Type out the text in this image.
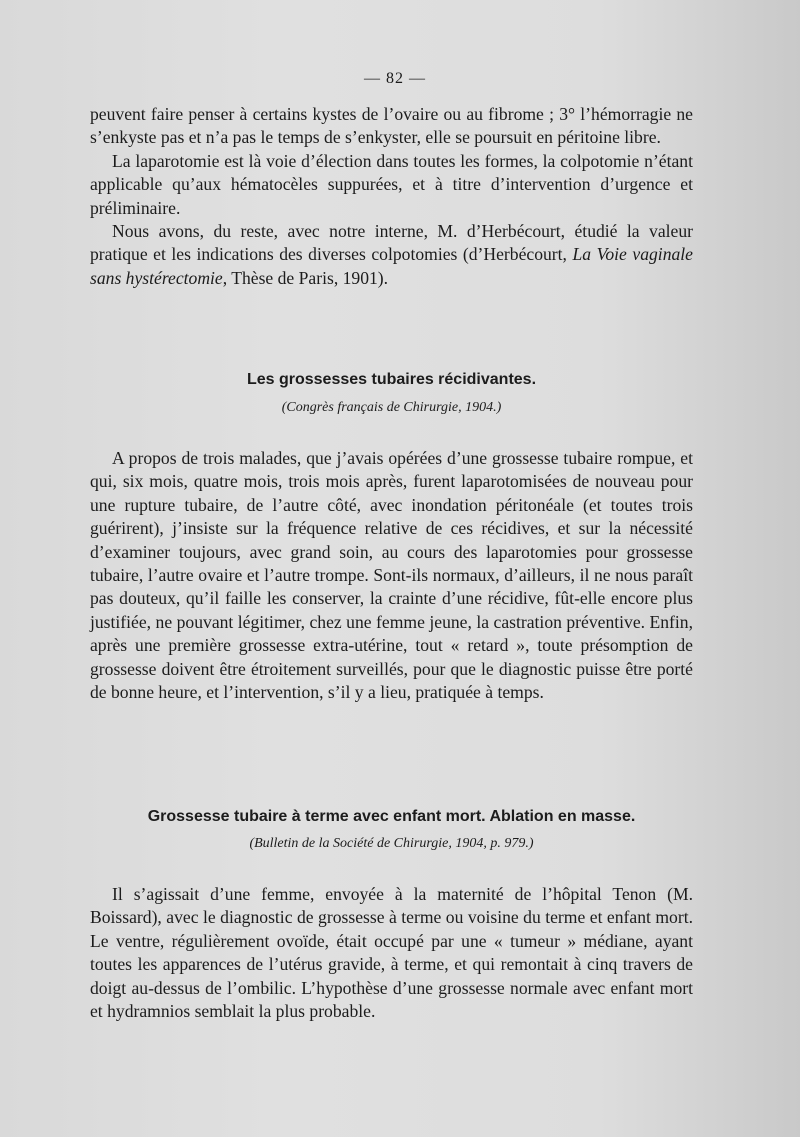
— 82 —

peuvent faire penser à certains kystes de l’ovaire ou au fibrome ; 3° l’hémorragie ne s’enkyste pas et n’a pas le temps de s’enkyster, elle se poursuit en péritoine libre.

La laparotomie est là voie d’élection dans toutes les formes, la colpotomie n’étant applicable qu’aux hématocèles suppurées, et à titre d’intervention d’urgence et préliminaire.

Nous avons, du reste, avec notre interne, M. d’Herbécourt, étudié la valeur pratique et les indications des diverses colpotomies (d’Herbécourt, La Voie vaginale sans hystérectomie, Thèse de Paris, 1901).

Les grossesses tubaires récidivantes.
(Congrès français de Chirurgie, 1904.)

A propos de trois malades, que j’avais opérées d’une grossesse tubaire rompue, et qui, six mois, quatre mois, trois mois après, furent laparotomisées de nouveau pour une rupture tubaire, de l’autre côté, avec inondation péritonéale (et toutes trois guérirent), j’insiste sur la fréquence relative de ces récidives, et sur la nécessité d’examiner toujours, avec grand soin, au cours des laparotomies pour grossesse tubaire, l’autre ovaire et l’autre trompe. Sont-ils normaux, d’ailleurs, il ne nous paraît pas douteux, qu’il faille les conserver, la crainte d’une récidive, fût-elle encore plus justifiée, ne pouvant légitimer, chez une femme jeune, la castration préventive. Enfin, après une première grossesse extra-utérine, tout « retard », toute présomption de grossesse doivent être étroitement surveillés, pour que le diagnostic puisse être porté de bonne heure, et l’intervention, s’il y a lieu, pratiquée à temps.

Grossesse tubaire à terme avec enfant mort. Ablation en masse.
(Bulletin de la Société de Chirurgie, 1904, p. 979.)

Il s’agissait d’une femme, envoyée à la maternité de l’hôpital Tenon (M. Boissard), avec le diagnostic de grossesse à terme ou voisine du terme et enfant mort. Le ventre, régulièrement ovoïde, était occupé par une « tumeur » médiane, ayant toutes les apparences de l’utérus gravide, à terme, et qui remontait à cinq travers de doigt au-dessus de l’ombilic. L’hypothèse d’une grossesse normale avec enfant mort et hydramnios semblait la plus probable.
